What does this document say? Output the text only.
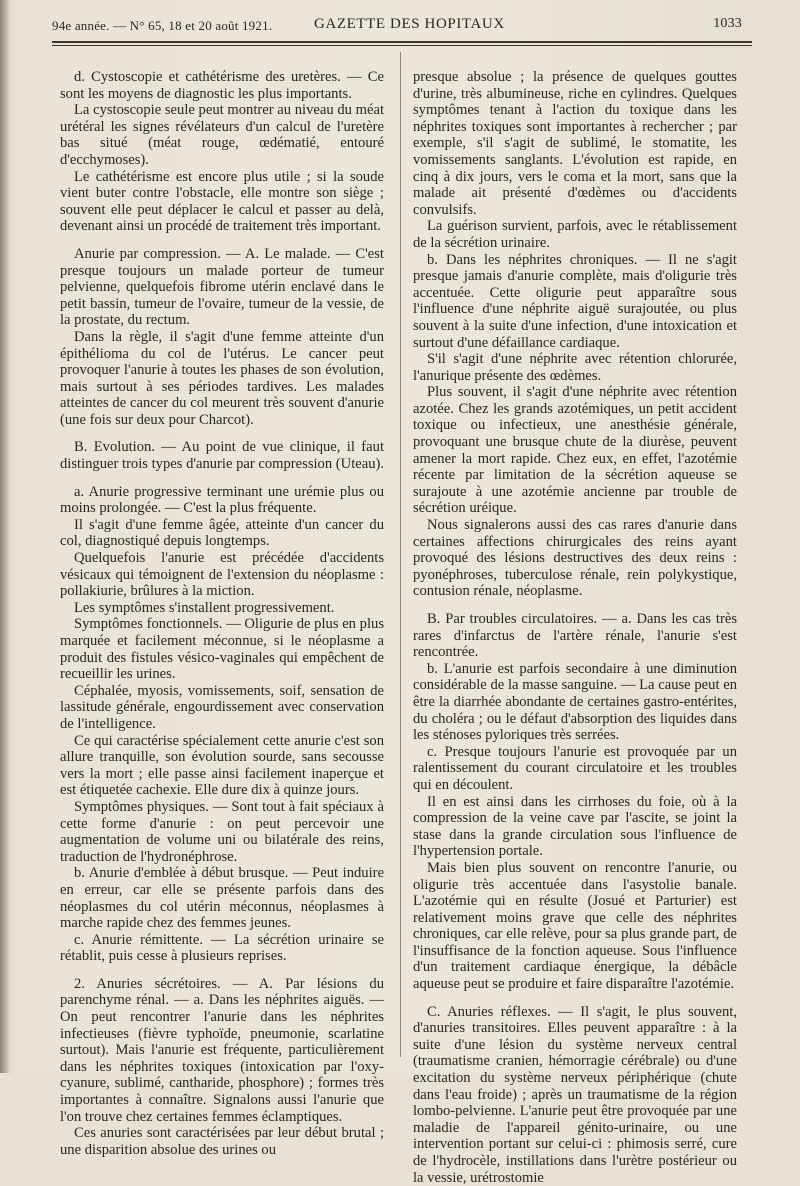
94e année. — N° 65, 18 et 20 août 1921.	GAZETTE DES HOPITAUX	1033

d. Cystoscopie et cathétérisme des uretères. — Ce sont les moyens de diagnostic les plus importants.

La cystoscopie seule peut montrer au niveau du méat urétéral les signes révélateurs d'un calcul de l'uretère bas situé (méat rouge, œdématié, entouré d'ecchymoses).

Le cathétérisme est encore plus utile ; si la soude vient buter contre l'obstacle, elle montre son siège ; souvent elle peut déplacer le calcul et passer au delà, devenant ainsi un procédé de traitement très important.

Anurie par compression. — A. Le malade. — C'est presque toujours un malade porteur de tumeur pelvienne, quelquefois fibrome utérin enclavé dans le petit bassin, tumeur de l'ovaire, tumeur de la vessie, de la prostate, du rectum.

Dans la règle, il s'agit d'une femme atteinte d'un épithélioma du col de l'utérus. Le cancer peut provoquer l'anurie à toutes les phases de son évolution, mais surtout à ses périodes tardives. Les malades atteintes de cancer du col meurent très souvent d'anurie (une fois sur deux pour Charcot).

B. Evolution. — Au point de vue clinique, il faut distinguer trois types d'anurie par compression (Uteau).

a. Anurie progressive terminant une urémie plus ou moins prolongée. — C'est la plus fréquente.

Il s'agit d'une femme âgée, atteinte d'un cancer du col, diagnostiqué depuis longtemps.

Quelquefois l'anurie est précédée d'accidents vésicaux qui témoignent de l'extension du néoplasme : pollakiurie, brûlures à la miction.

Les symptômes s'installent progressivement.

Symptômes fonctionnels. — Oligurie de plus en plus marquée et facilement méconnue, si le néoplasme a produit des fistules vésico-vaginales qui empêchent de recueillir les urines.

Céphalée, myosis, vomissements, soif, sensation de lassitude générale, engourdissement avec conservation de l'intelligence.

Ce qui caractérise spécialement cette anurie c'est son allure tranquille, son évolution sourde, sans secousse vers la mort ; elle passe ainsi facilement inaperçue et est étiquetée cachexie. Elle dure dix à quinze jours.

Symptômes physiques. — Sont tout à fait spéciaux à cette forme d'anurie : on peut percevoir une augmentation de volume uni ou bilatérale des reins, traduction de l'hydronéphrose.

b. Anurie d'emblée à début brusque. — Peut induire en erreur, car elle se présente parfois dans des néoplasmes du col utérin méconnus, néoplasmes à marche rapide chez des femmes jeunes.

c. Anurie rémittente. — La sécrétion urinaire se rétablit, puis cesse à plusieurs reprises.

2. Anuries sécrétoires. — A. Par lésions du parenchyme rénal. — a. Dans les néphrites aiguës. — On peut rencontrer l'anurie dans les néphrites infectieuses (fièvre typhoïde, pneumonie, scarlatine surtout). Mais l'anurie est fréquente, particulièrement dans les néphrites toxiques (intoxication par l'oxy-cyanure, sublimé, cantharide, phosphore) ; formes très importantes à connaître. Signalons aussi l'anurie que l'on trouve chez certaines femmes éclamptiques.

Ces anuries sont caractérisées par leur début brutal ; une disparition absolue des urines ou

presque absolue ; la présence de quelques gouttes d'urine, très albumineuse, riche en cylindres. Quelques symptômes tenant à l'action du toxique dans les néphrites toxiques sont importantes à rechercher ; par exemple, s'il s'agit de sublimé, le stomatite, les vomissements sanglants. L'évolution est rapide, en cinq à dix jours, vers le coma et la mort, sans que la malade ait présenté d'œdèmes ou d'accidents convulsifs.

La guérison survient, parfois, avec le rétablissement de la sécrétion urinaire.

b. Dans les néphrites chroniques. — Il ne s'agit presque jamais d'anurie complète, mais d'oligurie très accentuée. Cette oligurie peut apparaître sous l'influence d'une néphrite aiguë surajoutée, ou plus souvent à la suite d'une infection, d'une intoxication et surtout d'une défaillance cardiaque.

S'il s'agit d'une néphrite avec rétention chlorurée, l'anurique présente des œdèmes.

Plus souvent, il s'agit d'une néphrite avec rétention azotée. Chez les grands azotémiques, un petit accident toxique ou infectieux, une anesthésie générale, provoquant une brusque chute de la diurèse, peuvent amener la mort rapide. Chez eux, en effet, l'azotémie récente par limitation de la sécrétion aqueuse se surajoute à une azotémie ancienne par trouble de sécrétion uréique.

Nous signalerons aussi des cas rares d'anurie dans certaines affections chirurgicales des reins ayant provoqué des lésions destructives des deux reins : pyonéphroses, tuberculose rénale, rein polykystique, contusion rénale, néoplasme.

B. Par troubles circulatoires. — a. Dans les cas très rares d'infarctus de l'artère rénale, l'anurie s'est rencontrée.

b. L'anurie est parfois secondaire à une diminution considérable de la masse sanguine. — La cause peut en être la diarrhée abondante de certaines gastro-entérites, du choléra ; ou le défaut d'absorption des liquides dans les sténoses pyloriques très serrées.

c. Presque toujours l'anurie est provoquée par un ralentissement du courant circulatoire et les troubles qui en découlent.

Il en est ainsi dans les cirrhoses du foie, où à la compression de la veine cave par l'ascite, se joint la stase dans la grande circulation sous l'influence de l'hypertension portale.

Mais bien plus souvent on rencontre l'anurie, ou oligurie très accentuée dans l'asystolie banale. L'azotémie qui en résulte (Josué et Parturier) est relativement moins grave que celle des néphrites chroniques, car elle relève, pour sa plus grande part, de l'insuffisance de la fonction aqueuse. Sous l'influence d'un traitement cardiaque énergique, la débâcle aqueuse peut se produire et faire disparaître l'azotémie.

C. Anuries réflexes. — Il s'agit, le plus souvent, d'anuries transitoires. Elles peuvent apparaître : à la suite d'une lésion du système nerveux central (traumatisme cranien, hémorragie cérébrale) ou d'une excitation du système nerveux périphérique (chute dans l'eau froide) ; après un traumatisme de la région lombo-pelvienne. L'anurie peut être provoquée par une maladie de l'appareil génito-urinaire, ou une intervention portant sur celui-ci : phimosis serré, cure de l'hydrocèle, instillations dans l'urètre postérieur ou la vessie, urétrostomie
